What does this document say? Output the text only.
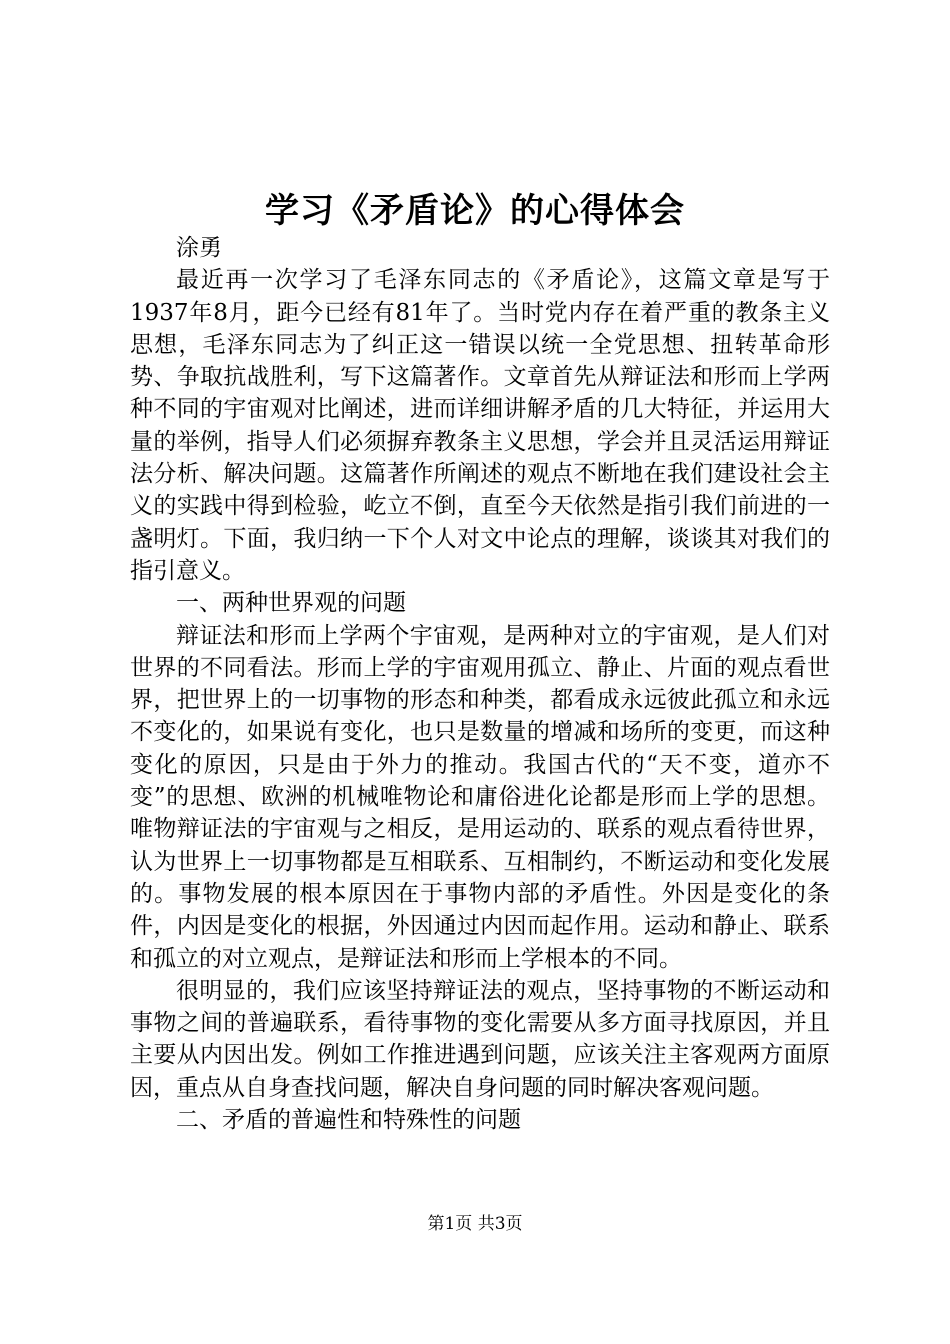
学习《矛盾论》的心得体会

涂勇

最近再一次学习了毛泽东同志的《矛盾论》，这篇文章是写于1937年8月，距今已经有81年了。当时党内存在着严重的教条主义思想，毛泽东同志为了纠正这一错误以统一全党思想、扭转革命形势、争取抗战胜利，写下这篇著作。文章首先从辩证法和形而上学两种不同的宇宙观对比阐述，进而详细讲解矛盾的几大特征，并运用大量的举例，指导人们必须摒弃教条主义思想，学会并且灵活运用辩证法分析、解决问题。这篇著作所阐述的观点不断地在我们建设社会主义的实践中得到检验，屹立不倒，直至今天依然是指引我们前进的一盏明灯。下面，我归纳一下个人对文中论点的理解，谈谈其对我们的指引意义。

一、两种世界观的问题

辩证法和形而上学两个宇宙观，是两种对立的宇宙观，是人们对世界的不同看法。形而上学的宇宙观用孤立、静止、片面的观点看世界，把世界上的一切事物的形态和种类，都看成永远彼此孤立和永远不变化的，如果说有变化，也只是数量的增减和场所的变更，而这种变化的原因，只是由于外力的推动。我国古代的“天不变，道亦不变”的思想、欧洲的机械唯物论和庸俗进化论都是形而上学的思想。唯物辩证法的宇宙观与之相反，是用运动的、联系的观点看待世界，认为世界上一切事物都是互相联系、互相制约，不断运动和变化发展的。事物发展的根本原因在于事物内部的矛盾性。外因是变化的条件，内因是变化的根据，外因通过内因而起作用。运动和静止、联系和孤立的对立观点，是辩证法和形而上学根本的不同。

很明显的，我们应该坚持辩证法的观点，坚持事物的不断运动和事物之间的普遍联系，看待事物的变化需要从多方面寻找原因，并且主要从内因出发。例如工作推进遇到问题，应该关注主客观两方面原因，重点从自身查找问题，解决自身问题的同时解决客观问题。

二、矛盾的普遍性和特殊性的问题

第1页 共3页
